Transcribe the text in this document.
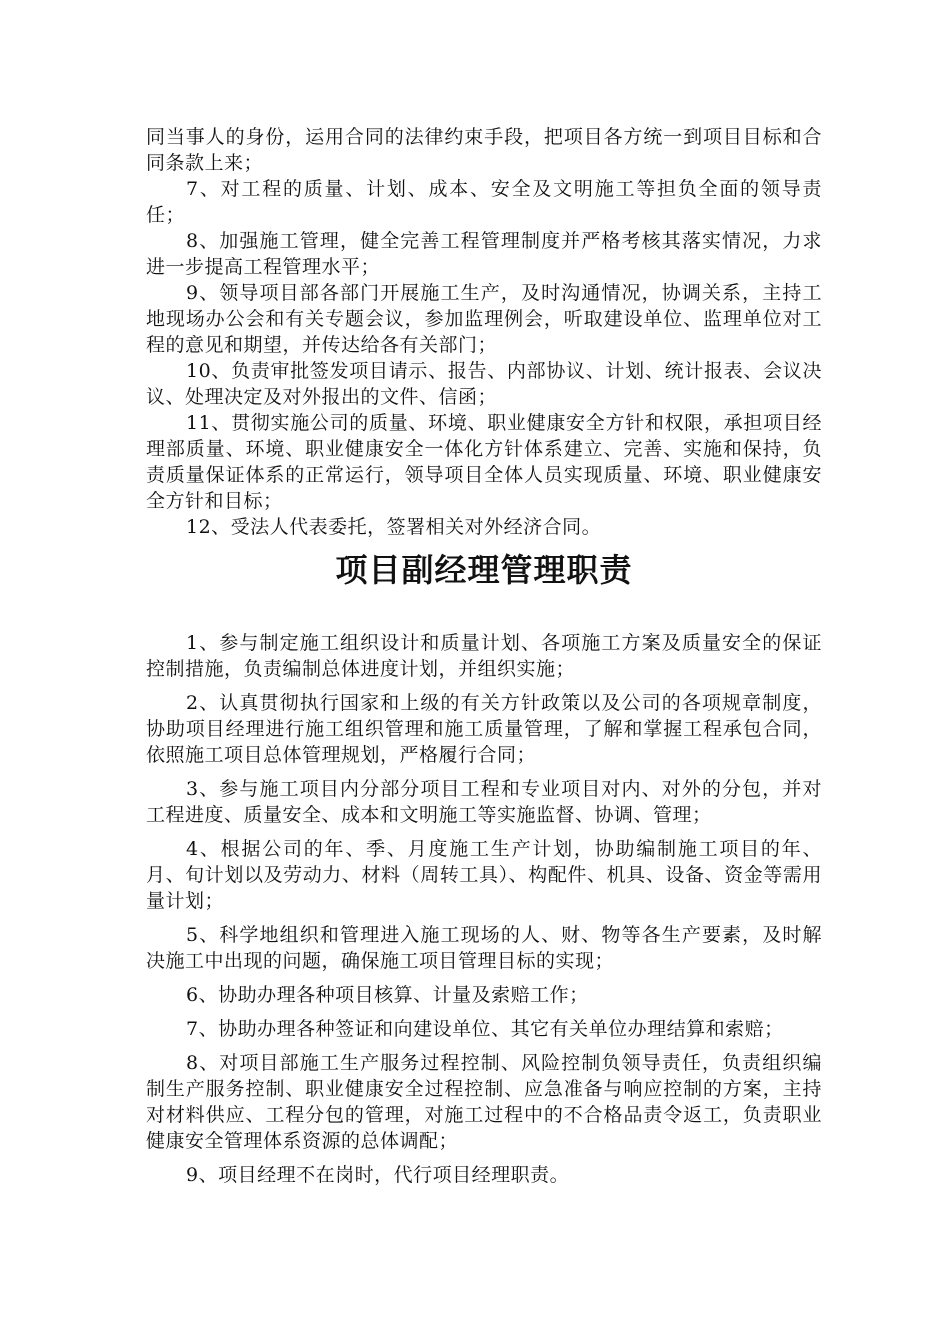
同当事人的身份，运用合同的法律约束手段，把项目各方统一到项目目标和合同条款上来；

7、对工程的质量、计划、成本、安全及文明施工等担负全面的领导责任；

8、加强施工管理，健全完善工程管理制度并严格考核其落实情况，力求进一步提高工程管理水平；

9、领导项目部各部门开展施工生产，及时沟通情况，协调关系，主持工地现场办公会和有关专题会议，参加监理例会，听取建设单位、监理单位对工程的意见和期望，并传达给各有关部门；

10、负责审批签发项目请示、报告、内部协议、计划、统计报表、会议决议、处理决定及对外报出的文件、信函；

11、贯彻实施公司的质量、环境、职业健康安全方针和权限，承担项目经理部质量、环境、职业健康安全一体化方针体系建立、完善、实施和保持，负责质量保证体系的正常运行，领导项目全体人员实现质量、环境、职业健康安全方针和目标；

12、受法人代表委托，签署相关对外经济合同。

项目副经理管理职责

1、参与制定施工组织设计和质量计划、各项施工方案及质量安全的保证控制措施，负责编制总体进度计划，并组织实施；

2、认真贯彻执行国家和上级的有关方针政策以及公司的各项规章制度，协助项目经理进行施工组织管理和施工质量管理，了解和掌握工程承包合同，依照施工项目总体管理规划，严格履行合同；

3、参与施工项目内分部分项目工程和专业项目对内、对外的分包，并对工程进度、质量安全、成本和文明施工等实施监督、协调、管理；

4、根据公司的年、季、月度施工生产计划，协助编制施工项目的年、月、旬计划以及劳动力、材料（周转工具）、构配件、机具、设备、资金等需用量计划；

5、科学地组织和管理进入施工现场的人、财、物等各生产要素，及时解决施工中出现的问题，确保施工项目管理目标的实现；

6、协助办理各种项目核算、计量及索赔工作；

7、协助办理各种签证和向建设单位、其它有关单位办理结算和索赔；

8、对项目部施工生产服务过程控制、风险控制负领导责任，负责组织编制生产服务控制、职业健康安全过程控制、应急准备与响应控制的方案，主持对材料供应、工程分包的管理，对施工过程中的不合格品责令返工，负责职业健康安全管理体系资源的总体调配；

9、项目经理不在岗时，代行项目经理职责。
